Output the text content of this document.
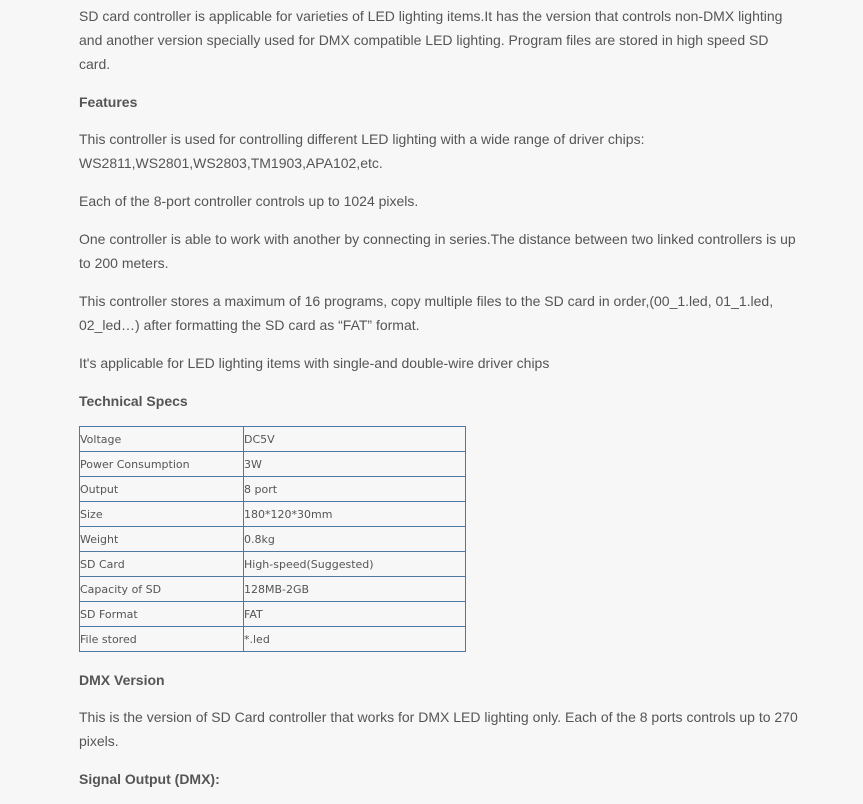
SD card controller is applicable for varieties of LED lighting items.It has the version that controls non-DMX lighting and another version specially used for DMX compatible LED lighting. Program files are stored in high speed SD card.

Features

This controller is used for controlling different LED lighting with a wide range of driver chips: WS2811,WS2801,WS2803,TM1903,APA102,etc.

Each of the 8-port controller controls up to 1024 pixels.

One controller is able to work with another by connecting in series.The distance between two linked controllers is up to 200 meters.

This controller stores a maximum of 16 programs, copy multiple files to the SD card in order,(00_1.led, 01_1.led, 02_led…) after formatting the SD card as “FAT” format.

It's applicable for LED lighting items with single-and double-wire driver chips

Technical Specs
Voltage	DC5V
Power Consumption	3W
Output	8 port
Size	180*120*30mm
Weight	0.8kg
SD Card	High-speed(Suggested)
Capacity of SD	128MB-2GB
SD Format	FAT
File stored	*.led
DMX Version

This is the version of SD Card controller that works for DMX LED lighting only. Each of the 8 ports controls up to 270 pixels.

Signal Output (DMX):
